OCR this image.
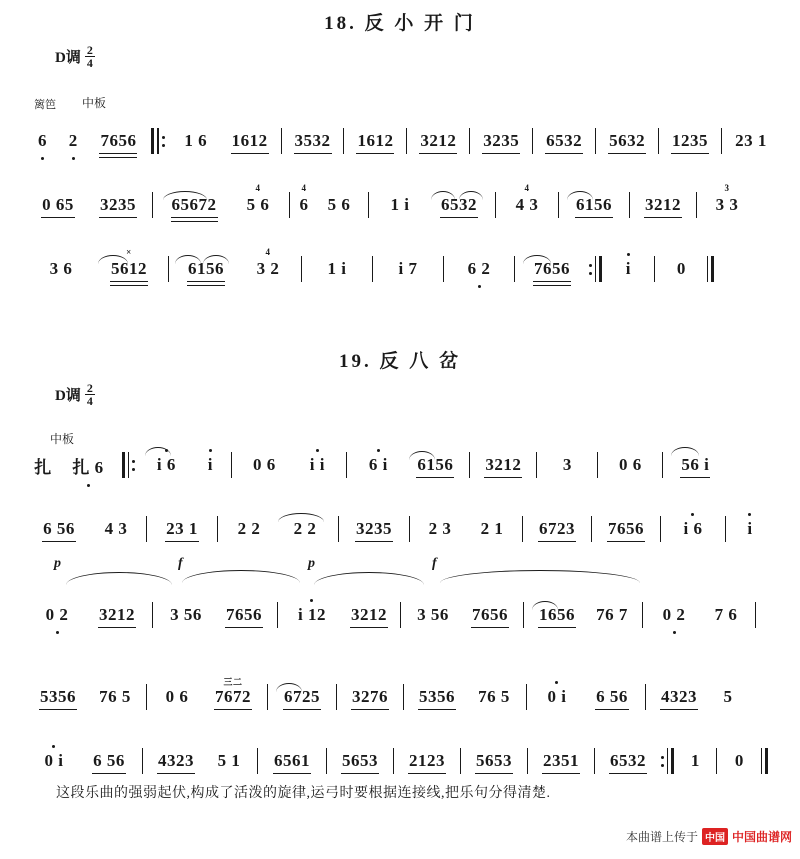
18. 反 小 开 门
D调 $\frac{2}{4}$
篱笆 中板
6 2 7656	1 6 1612 3532 1612 3212 3235 6532 5632 1235 23 1
0 65 3235 65672
4
5 6
4
6 5 6 1 i 6532
4
4 3 6156 3212
3
3 3
3 6
×
5612 6156
4
3 2	1 i	i 7	6 2	7656	i	0
19. 反 八 岔
D调 $\frac{2}{4}$
中板
扎 扎 6	i 6 i 0 6 i i	6 i 6156 3212 3	0 6 56 i
6 56 4 3 23 1 2 2 2 2 3235 2 3 2 1 6723 7656 i 6	i
p	f	p	f
0 2 3212 3 56 7656 i 12 3212 3 56 7656 1656 76 7 0 2 7 6
5356 76 5 0 6
三二
7672 6725 3276 5356 76 5 0 i 6 56 4323 5
0 i 6 56 4323 5 1 6561 5653 2123 5653 2351 6532	1 0
这段乐曲的强弱起伏,构成了活泼的旋律,运弓时要根据连接线,把乐句分得清楚.
本曲谱上传于 中国 中国曲谱网
